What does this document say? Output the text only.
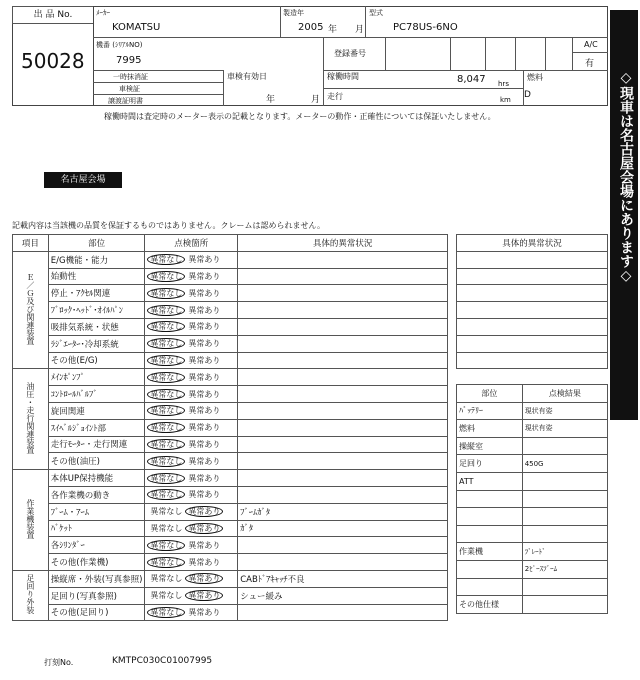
出 品 No.
50028
ﾒｰｶｰ
KOMATSU
製造年
2005 年 月
型式
PC78US-6NO
機番 (ｼﾘｱﾙNO)
7995
登録番号
A/C
有
一時抹消証
車検証
譲渡証明書
車検有効日
年	月
稼働時間	8,047 hrs
走行	km
燃料
D
稼働時間は査定時のメーター表示の記載となります。メーターの動作・正確性については保証いたしません。
名古屋会場	◇現車は名古屋会場にあります◇
記載内容は当該機の品質を保証するものではありません。クレームは認められません。
項目	部位	点検箇所	具体的異常状況
Ｅ／Ｇ及び関連装置	E/G機能・能力	異常なし 異常あり	
	始動性	異常なし 異常あり	
	停止・ｱｸｾﾙ関連	異常なし 異常あり	
	ﾌﾞﾛｯｸ･ﾍｯﾄﾞ･ｵｲﾙﾊﾟﾝ	異常なし 異常あり	
	吸排気系統・状態	異常なし 異常あり	
	ﾗｼﾞｴｰﾀｰ･冷却系統	異常なし 異常あり	
	その他(E/G)	異常なし 異常あり	
油圧・走行関連装置	ﾒｲﾝﾎﾟﾝﾌﾟ	異常なし 異常あり	
	ｺﾝﾄﾛｰﾙﾊﾞﾙﾌﾞ	異常なし 異常あり	
	旋回関連	異常なし 異常あり	
	ｽｲﾍﾞﾙｼﾞｮｲﾝﾄ部	異常なし 異常あり	
	走行ﾓｰﾀｰ・走行関連	異常なし 異常あり	
	その他(油圧)	異常なし 異常あり	
作業機装置	本体UP保持機能	異常なし 異常あり	
	各作業機の動き	異常なし 異常あり	
	ﾌﾞｰﾑ・ｱｰﾑ	異常なし 異常あり	ﾌﾞｰﾑｶﾞﾀ
	ﾊﾞｹｯﾄ	異常なし 異常あり	ｶﾞﾀ
	各ｼﾘﾝﾀﾞｰ	異常なし 異常あり	
	その他(作業機)	異常なし 異常あり	
足回り外装	操縦席・外装(写真参照)	異常なし 異常あり	CABﾄﾞｱｷｬｯﾁ不良
	足回り(写真参照)	異常なし 異常あり	シュー緩み
	その他(足回り)	異常なし 異常あり	
具体的異常状況

部位	点検結果
ﾊﾞｯﾃﾘｰ	現状有姿
燃料	現状有姿
操縦室	
足回り	450G
ATT	

作業機	ﾌﾞﾚｰﾄﾞ
	2ﾋﾟｰｽﾌﾞｰﾑ

その他仕様	
打刻No.	KMTPC030C01007995
